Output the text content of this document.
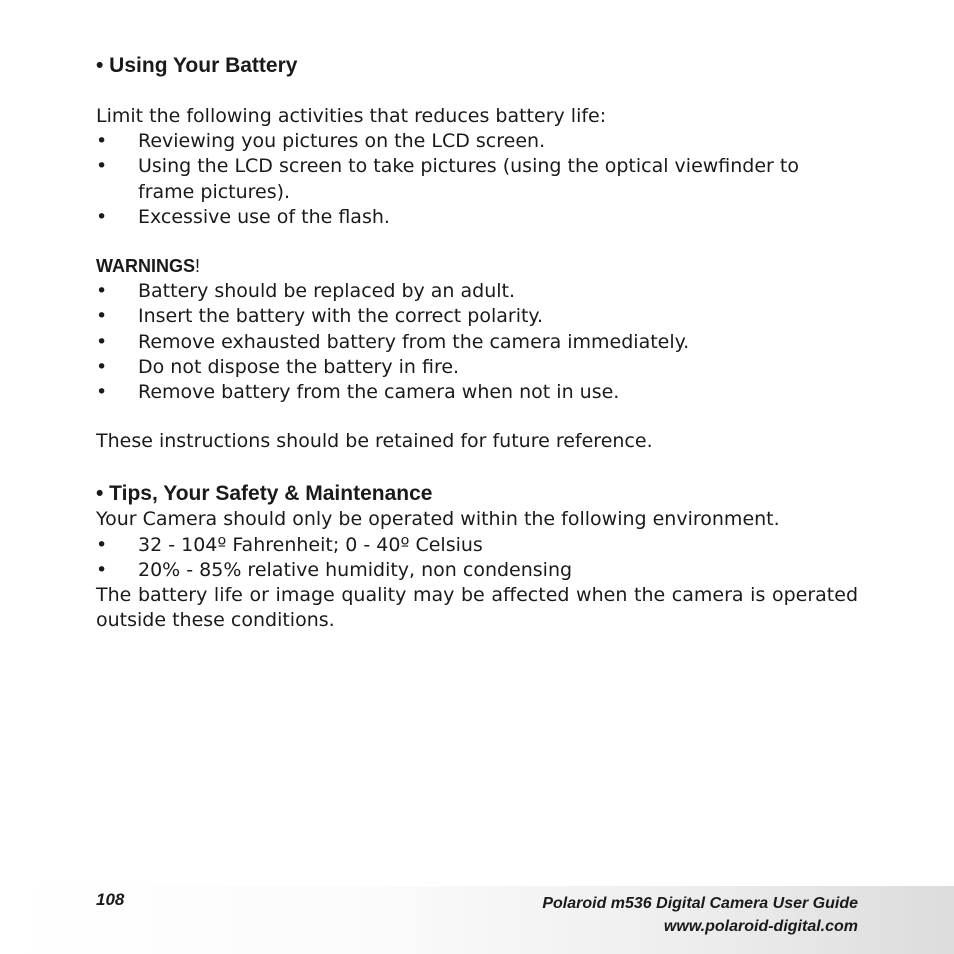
• Using Your Battery

Limit the following activities that reduces battery life:

• Reviewing you pictures on the LCD screen.
• Using the LCD screen to take pictures (using the optical viewfinder to frame pictures).
• Excessive use of the flash.

WARNINGS!

• Battery should be replaced by an adult.
• Insert the battery with the correct polarity.
• Remove exhausted battery from the camera immediately.
• Do not dispose the battery in fire.
• Remove battery from the camera when not in use.

These instructions should be retained for future reference.

• Tips, Your Safety & Maintenance

Your Camera should only be operated within the following environment.

• 32 - 104º Fahrenheit; 0 - 40º Celsius
• 20% - 85% relative humidity, non condensing

The battery life or image quality may be affected when the camera is operated outside these conditions.

108	Polaroid m536 Digital Camera User Guide
www.polaroid-digital.com
